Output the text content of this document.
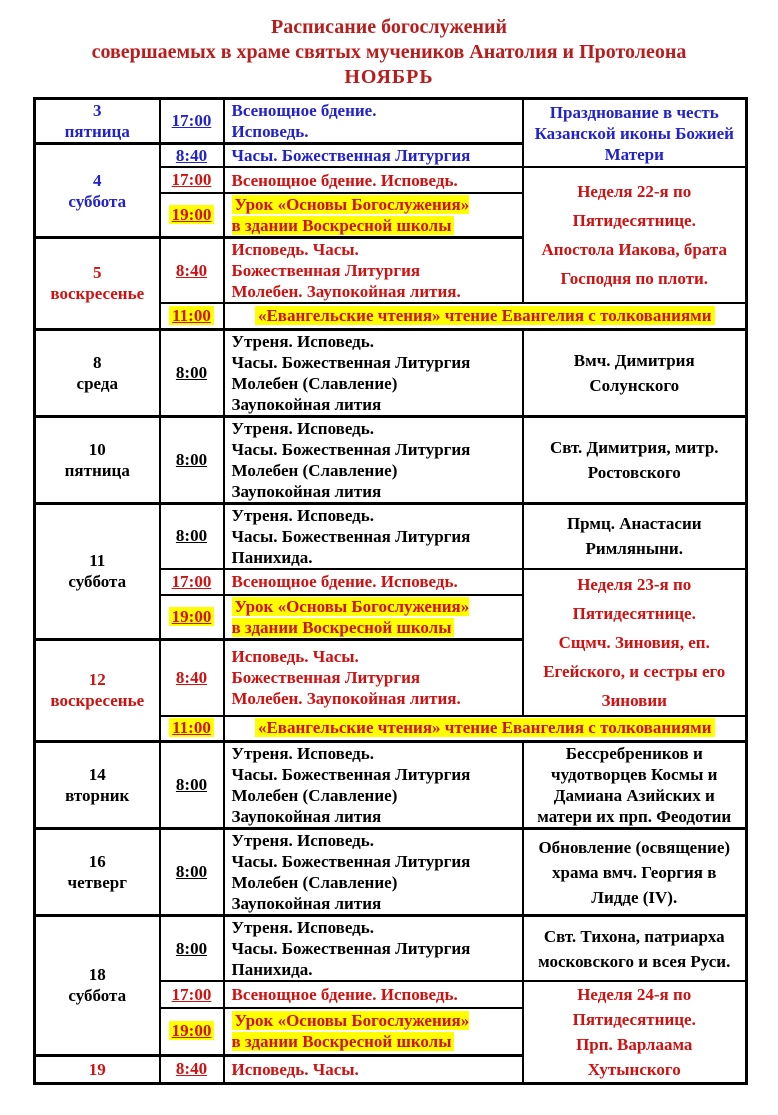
Расписание богослужений
совершаемых в храме святых мучеников Анатолия и Протолеона
НОЯБРЬ
3
пятница
	17:00	Всенощное бдение.
Исповедь.	Празднование в честь
Казанской иконы Божией
Матери

4
суббота	8:40	Часы. Божественная Литургия	
	17:00	Всенощное бдение. Исповедь.	Неделя 22-я по
Пятидесятнице.
Апостола Иакова, брата
Господня по плоти.
	19:00	Урок «Основы Богослужения»
в здании Воскресной школы	

5
воскресенье
	8:40	Исповедь. Часы.
Божественная Литургия
Молебен. Заупокойная лития.
	11:00	«Евангельские чтения» чтение Евангелия с толкованиями	

8
среда
	8:00	Утреня. Исповедь.
Часы. Божественная Литургия
Молебен (Славление)
Заупокойная лития	Вмч. Димитрия
Солунского

10
пятница
	8:00	Утреня. Исповедь.
Часы. Божественная Литургия
Молебен (Славление)
Заупокойная лития	Свт. Димитрия, митр.
Ростовского

11
суббота
	8:00	Утреня. Исповедь.
Часы. Божественная Литургия
Панихида.	Прмц. Анастасии
Римляныни.
	17:00	Всенощное бдение. Исповедь.	Неделя 23-я по
Пятидесятнице.
Сщмч. Зиновия, еп.
Егейского, и сестры его
Зиновии
	19:00	Урок «Основы Богослужения»
в здании Воскресной школы	

12
воскресенье
	8:40	Исповедь. Часы.
Божественная Литургия
Молебен. Заупокойная лития.
	11:00	«Евангельские чтения» чтение Евангелия с толкованиями	

14
вторник
	8:00	Утреня. Исповедь.
Часы. Божественная Литургия
Молебен (Славление)
Заупокойная лития	Бессребреников и
чудотворцев Космы и
Дамиана Азийских и
матери их прп. Феодотии

16
четверг
	8:00	Утреня. Исповедь.
Часы. Божественная Литургия
Молебен (Славление)
Заупокойная лития	Обновление (освящение)
храма вмч. Георгия в
Лидде (IV).

18
суббота
	8:00	Утреня. Исповедь.
Часы. Божественная Литургия
Панихида.	Свт. Тихона, патриарха
московского и всея Руси.
	17:00	Всенощное бдение. Исповедь.	Неделя 24-я по
Пятидесятнице.
Прп. Варлаама
Хутынского
	19:00	Урок «Основы Богослужения»
в здании Воскресной школы	

19	8:40	Исповедь. Часы.	
